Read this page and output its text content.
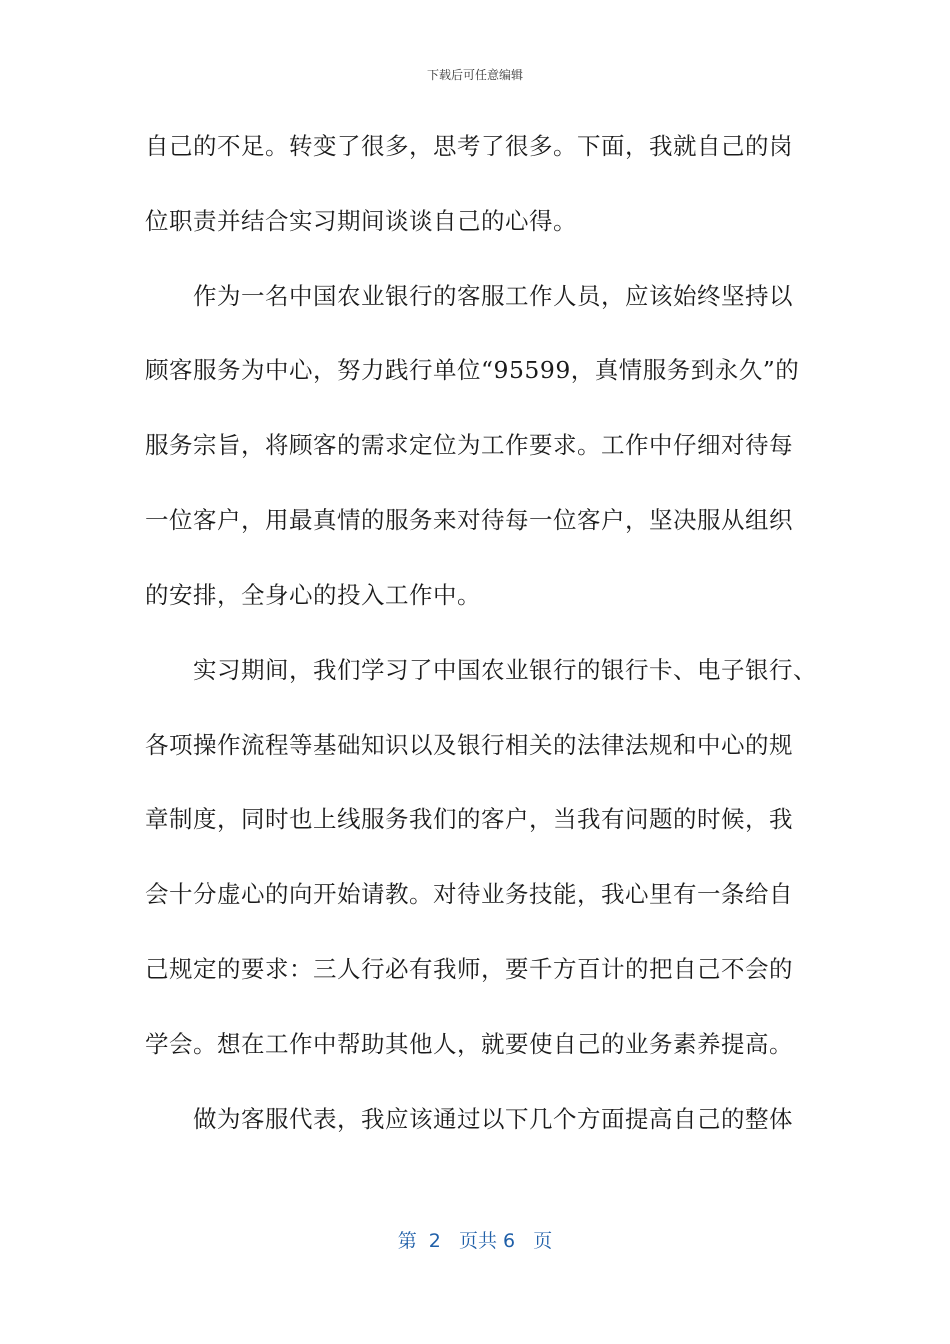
下载后可任意编辑
自己的不足。转变了很多，思考了很多。下面，我就自己的岗
位职责并结合实习期间谈谈自己的心得。
作为一名中国农业银行的客服工作人员，应该始终坚持以
顾客服务为中心，努力践行单位“95599，真情服务到永久”的
服务宗旨，将顾客的需求定位为工作要求。工作中仔细对待每
一位客户，用最真情的服务来对待每一位客户，坚决服从组织
的安排，全身心的投入工作中。
实习期间，我们学习了中国农业银行的银行卡、电子银行、
各项操作流程等基础知识以及银行相关的法律法规和中心的规
章制度，同时也上线服务我们的客户，当我有问题的时候，我
会十分虚心的向开始请教。对待业务技能，我心里有一条给自
己规定的要求：三人行必有我师，要千方百计的把自己不会的
学会。想在工作中帮助其他人，就要使自己的业务素养提高。
做为客服代表，我应该通过以下几个方面提高自己的整体
第  2   页共 6   页
